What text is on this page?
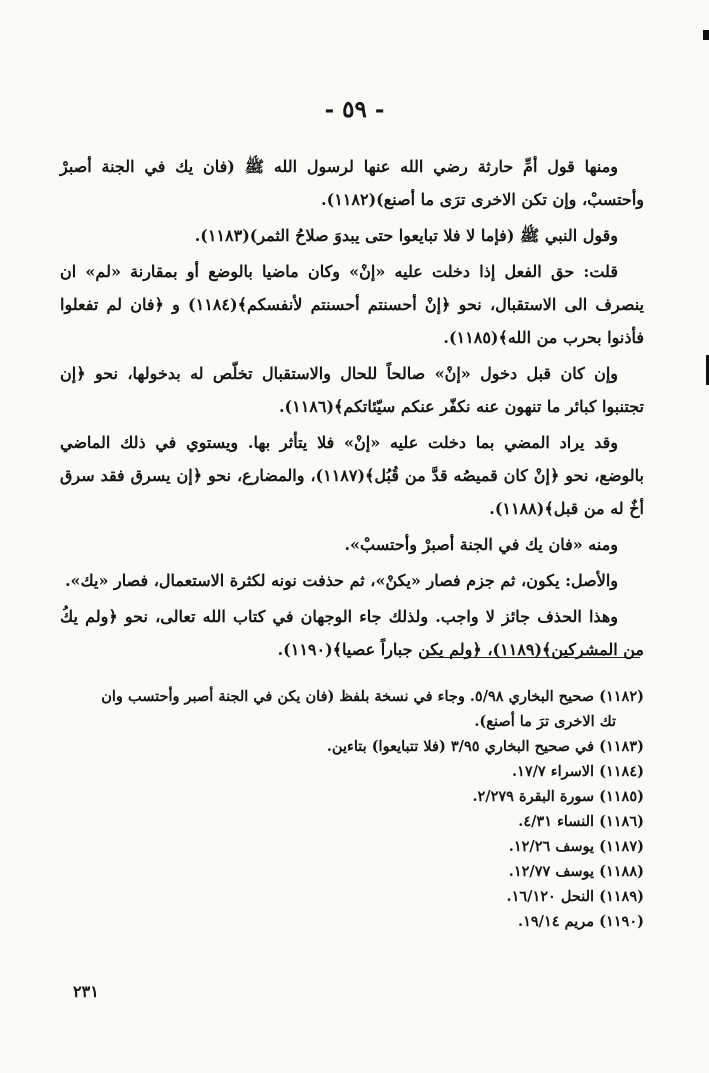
- ٥٩ -

ومنها قول أمِّ حارثة رضي الله عنها لرسول الله ﷺ (فان يك في الجنة أصبرْ وأحتسبْ، وإن تكن الاخرى ترَى ما أصنع)(١١٨٢).

وقول النبي ﷺ (فإما لا فلا تبايعوا حتى يبدوَ صلاحُ الثمر)(١١٨٣).

قلت: حق الفعل إذا دخلت عليه «إنْ» وكان ماضيا بالوضع أو بمقارنة «لم» ان ينصرف الى الاستقبال، نحو ﴿إنْ أحسنتم أحسنتم لأنفسكم﴾(١١٨٤) و ﴿فان لم تفعلوا فأذنوا بحرب من الله﴾(١١٨٥).

وإن كان قبل دخول «إنْ» صالحاً للحال والاستقبال تخلّص له بدخولها، نحو ﴿إن تجتنبوا كبائر ما تنهون عنه نكفّر عنكم سيّئاتكم﴾(١١٨٦).

وقد يراد المضي بما دخلت عليه «إنْ» فلا يتأثر بها. ويستوي في ذلك الماضي بالوضع، نحو ﴿إنْ كان قميصُه قدَّ من قُبُل﴾(١١٨٧)، والمضارع، نحو ﴿إن يسرق فقد سرق أخٌ له من قبل﴾(١١٨٨).

ومنه «فان يك في الجنة أصبرْ وأحتسبْ».

والأصل: يكون، ثم جزم فصار «يكنْ»، ثم حذفت نونه لكثرة الاستعمال، فصار «يك».

وهذا الحذف جائز لا واجب. ولذلك جاء الوجهان في كتاب الله تعالى، نحو ﴿ولم يكُ من المشركين﴾(١١٨٩)، ﴿ولم يكن جباراً عصيا﴾(١١٩٠).

(١١٨٢) صحيح البخاري ٥/٩٨. وجاء في نسخة بلفظ (فان يكن في الجنة أصبر وأحتسب وان

تك الاخرى ترَ ما أصنع).

(١١٨٣) في صحيح البخاري ٣/٩٥ (فلا تتبايعوا) بتاءين.

(١١٨٤) الاسراء ١٧/٧.

(١١٨٥) سورة البقرة ٢/٢٧٩.

(١١٨٦) النساء ٤/٣١.

(١١٨٧) يوسف ١٢/٢٦.

(١١٨٨) يوسف ١٢/٧٧.

(١١٨٩) النحل ١٦/١٢٠.

(١١٩٠) مريم ١٩/١٤.

٢٣١
